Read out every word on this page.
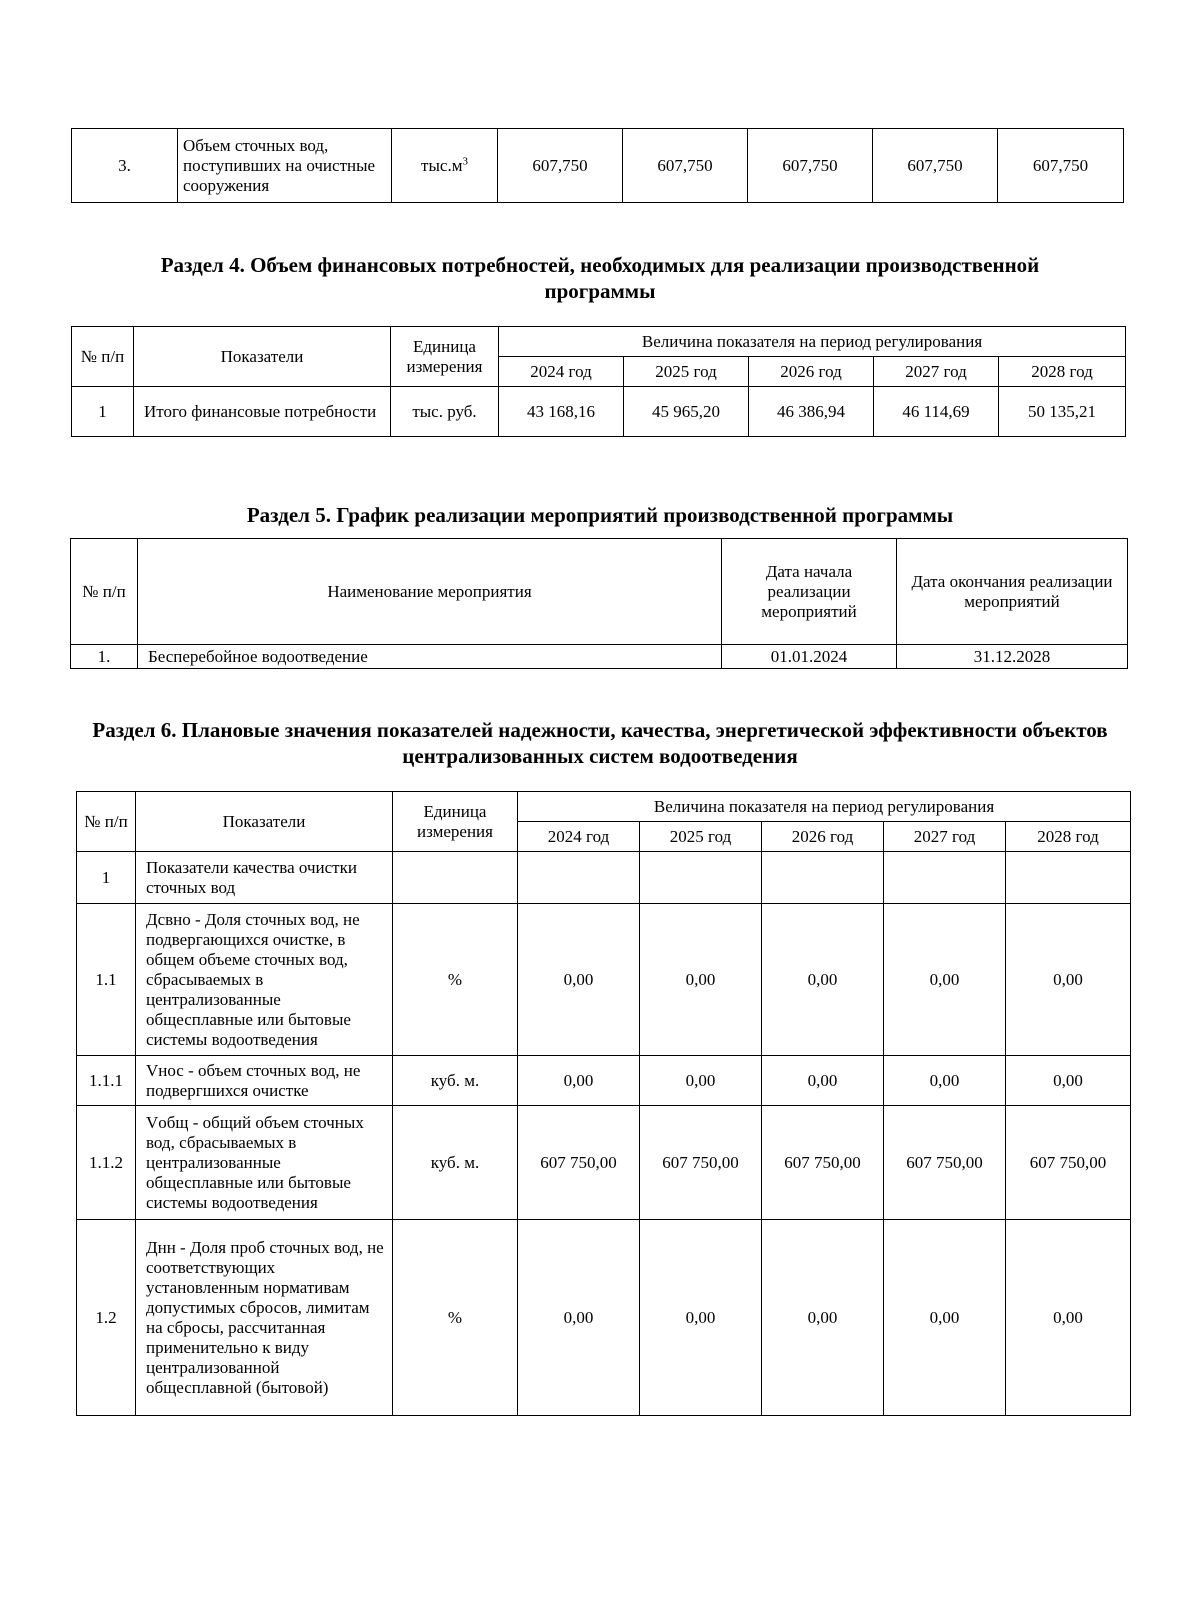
3.	Объем сточных вод, поступивших на очистные сооружения	$тыс.м^3$	607,750	607,750	607,750	607,750	607,750
Раздел 4. Объем финансовых потребностей, необходимых для реализации производственной программы
№ п/п	Показатели	Единица измерения	Величина показателя на период регулирования				
			2024 год	2025 год	2026 год	2027 год	2028 год
1	Итого финансовые потребности	тыс. руб.	43 168,16	45 965,20	46 386,94	46 114,69	50 135,21
Раздел 5. График реализации мероприятий производственной программы
№ п/п	Наименование мероприятия	Дата начала реализации мероприятий	Дата окончания реализации мероприятий
1.	Бесперебойное водоотведение	01.01.2024	31.12.2028
Раздел 6. Плановые значения показателей надежности, качества, энергетической эффективности объектов централизованных систем водоотведения
№ п/п	Показатели	Единица измерения	Величина показателя на период регулирования				
			2024 год	2025 год	2026 год	2027 год	2028 год
1	Показатели качества очистки сточных вод						
1.1	Дсвно - Доля сточных вод, не подвергающихся очистке, в общем объеме сточных вод, сбрасываемых в централизованные общесплавные или бытовые системы водоотведения	%	0,00	0,00	0,00	0,00	0,00
1.1.1	Vнос - объем сточных вод, не подвергшихся очистке	куб. м.	0,00	0,00	0,00	0,00	0,00
1.1.2	Vобщ - общий объем сточных вод, сбрасываемых в централизованные общесплавные или бытовые системы водоотведения	куб. м.	607 750,00	607 750,00	607 750,00	607 750,00	607 750,00
1.2	Днн - Доля проб сточных вод, не соответствующих установленным нормативам допустимых сбросов, лимитам на сбросы, рассчитанная применительно к виду централизованной общесплавной (бытовой)	%	0,00	0,00	0,00	0,00	0,00
